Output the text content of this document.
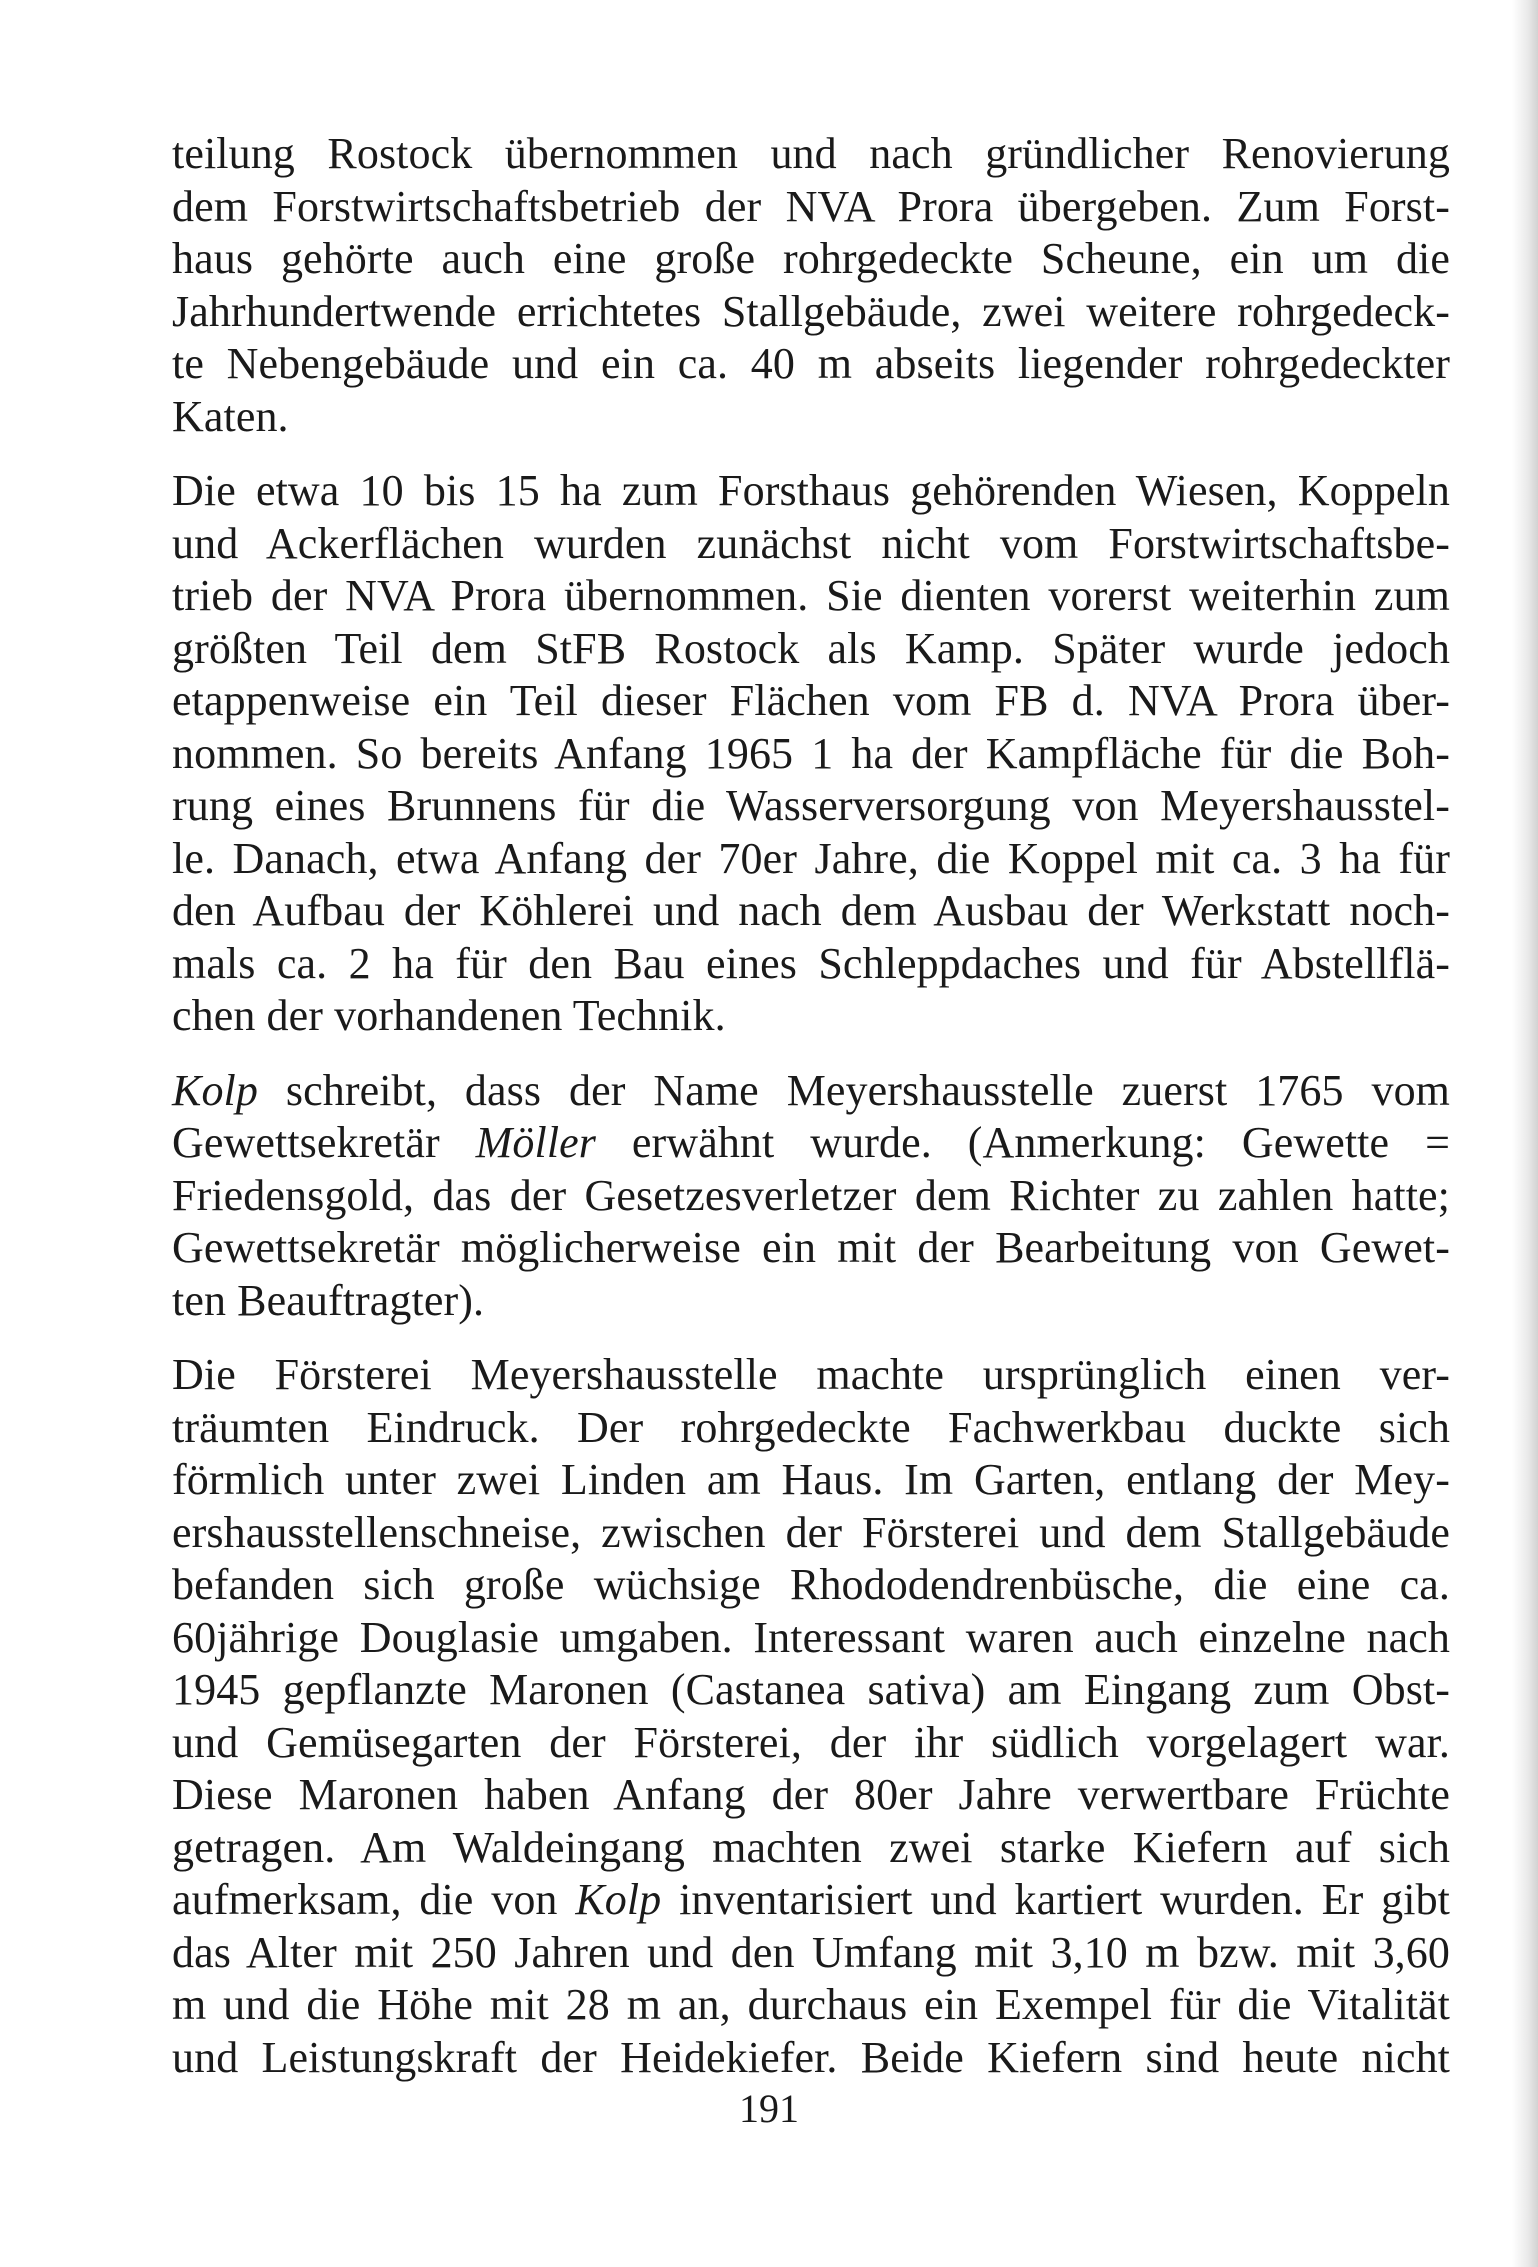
teilung Rostock übernommen und nach gründlicher Renovierung
dem Forstwirtschaftsbetrieb der NVA Prora übergeben. Zum Forst-
haus gehörte auch eine große rohrgedeckte Scheune, ein um die
Jahrhundertwende errichtetes Stallgebäude, zwei weitere rohrgedeck-
te Nebengebäude und ein ca. 40 m abseits liegender rohrgedeckter
Katen.
Die etwa 10 bis 15 ha zum Forsthaus gehörenden Wiesen, Koppeln
und Ackerflächen wurden zunächst nicht vom Forstwirtschaftsbe-
trieb der NVA Prora übernommen. Sie dienten vorerst weiterhin zum
größten Teil dem StFB Rostock als Kamp. Später wurde jedoch
etappenweise ein Teil dieser Flächen vom FB d. NVA Prora über-
nommen. So bereits Anfang 1965 1 ha der Kampfläche für die Boh-
rung eines Brunnens für die Wasserversorgung von Meyershausstel-
le. Danach, etwa Anfang der 70er Jahre, die Koppel mit ca. 3 ha für
den Aufbau der Köhlerei und nach dem Ausbau der Werkstatt noch-
mals ca. 2 ha für den Bau eines Schleppdaches und für Abstellflä-
chen der vorhandenen Technik.
Kolp schreibt, dass der Name Meyershausstelle zuerst 1765 vom
Gewettsekretär Möller erwähnt wurde. (Anmerkung: Gewette =
Friedensgold, das der Gesetzesverletzer dem Richter zu zahlen hatte;
Gewettsekretär möglicherweise ein mit der Bearbeitung von Gewet-
ten Beauftragter).
Die Försterei Meyershausstelle machte ursprünglich einen ver-
träumten Eindruck. Der rohrgedeckte Fachwerkbau duckte sich
förmlich unter zwei Linden am Haus. Im Garten, entlang der Mey-
ershausstellenschneise, zwischen der Försterei und dem Stallgebäude
befanden sich große wüchsige Rhododendrenbüsche, die eine ca.
60jährige Douglasie umgaben. Interessant waren auch einzelne nach
1945 gepflanzte Maronen (Castanea sativa) am Eingang zum Obst-
und Gemüsegarten der Försterei, der ihr südlich vorgelagert war.
Diese Maronen haben Anfang der 80er Jahre verwertbare Früchte
getragen. Am Waldeingang machten zwei starke Kiefern auf sich
aufmerksam, die von Kolp inventarisiert und kartiert wurden. Er gibt
das Alter mit 250 Jahren und den Umfang mit 3,10 m bzw. mit 3,60
m und die Höhe mit 28 m an, durchaus ein Exempel für die Vitalität
und Leistungskraft der Heidekiefer. Beide Kiefern sind heute nicht
191
